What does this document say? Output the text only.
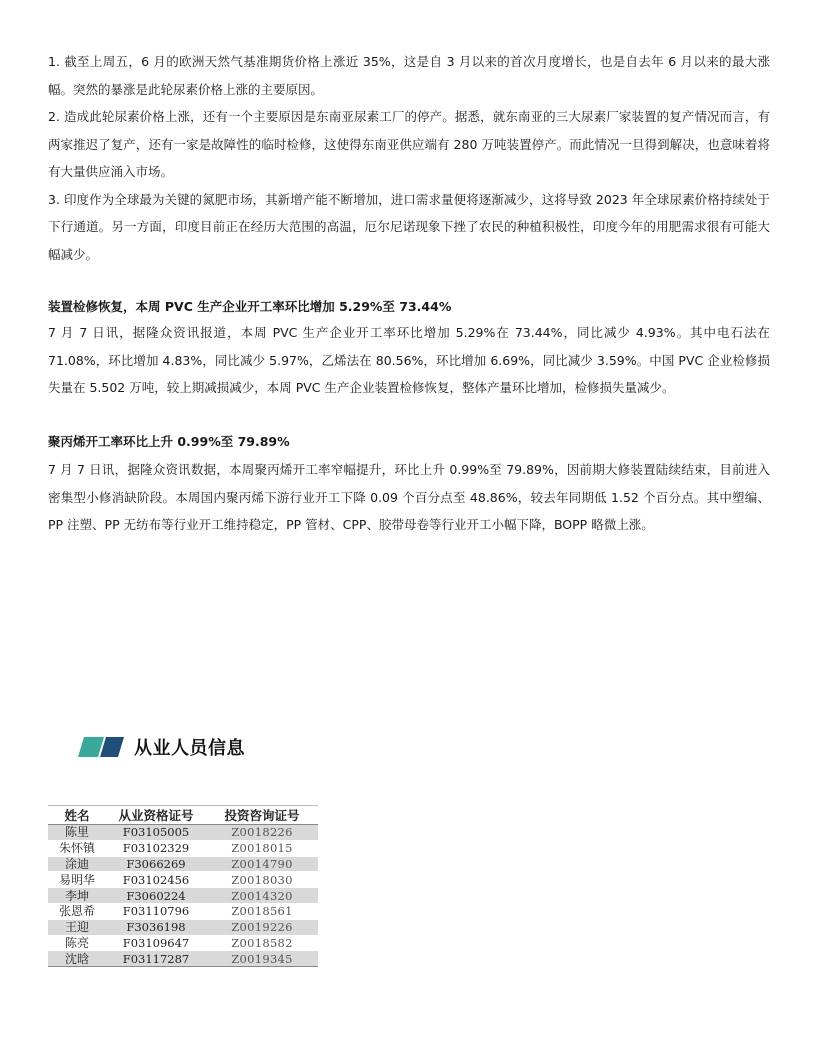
1. 截至上周五，6 月的欧洲天然气基准期货价格上涨近 35%，这是自 3 月以来的首次月度增长，也是自去年 6 月以来的最大涨幅。突然的暴涨是此轮尿素价格上涨的主要原因。

2. 造成此轮尿素价格上涨，还有一个主要原因是东南亚尿素工厂的停产。据悉，就东南亚的三大尿素厂家装置的复产情况而言，有两家推迟了复产，还有一家是故障性的临时检修，这使得东南亚供应端有 280 万吨装置停产。而此情况一旦得到解决，也意味着将有大量供应涌入市场。

3. 印度作为全球最为关键的氮肥市场，其新增产能不断增加，进口需求量便将逐渐减少，这将导致 2023 年全球尿素价格持续处于下行通道。另一方面，印度目前正在经历大范围的高温，厄尔尼诺现象下挫了农民的种植积极性，印度今年的用肥需求很有可能大幅减少。

装置检修恢复，本周 PVC 生产企业开工率环比增加 5.29%至 73.44%

7 月 7 日讯，据隆众资讯报道，本周 PVC 生产企业开工率环比增加 5.29%在 73.44%，同比减少 4.93%。其中电石法在 71.08%，环比增加 4.83%，同比减少 5.97%，乙烯法在 80.56%，环比增加 6.69%，同比减少 3.59%。中国 PVC 企业检修损失量在 5.502 万吨，较上期减损减少，本周 PVC 生产企业装置检修恢复，整体产量环比增加，检修损失量减少。

聚丙烯开工率环比上升 0.99%至 79.89%

7 月 7 日讯，据隆众资讯数据，本周聚丙烯开工率窄幅提升，环比上升 0.99%至 79.89%，因前期大修装置陆续结束，目前进入密集型小修消缺阶段。本周国内聚丙烯下游行业开工下降 0.09 个百分点至 48.86%，较去年同期低 1.52 个百分点。其中塑编、PP 注塑、PP 无纺布等行业开工维持稳定，PP 管材、CPP、胶带母卷等行业开工小幅下降，BOPP 略微上涨。

从业人员信息
姓名	从业资格证号	投资咨询证号
陈里	F03105005	Z0018226
朱怀镇	F03102329	Z0018015
涂迪	F3066269	Z0014790
易明华	F03102456	Z0018030
李坤	F3060224	Z0014320
张恩希	F03110796	Z0018561
王迎	F3036198	Z0019226
陈亮	F03109647	Z0018582
沈晗	F03117287	Z0019345
